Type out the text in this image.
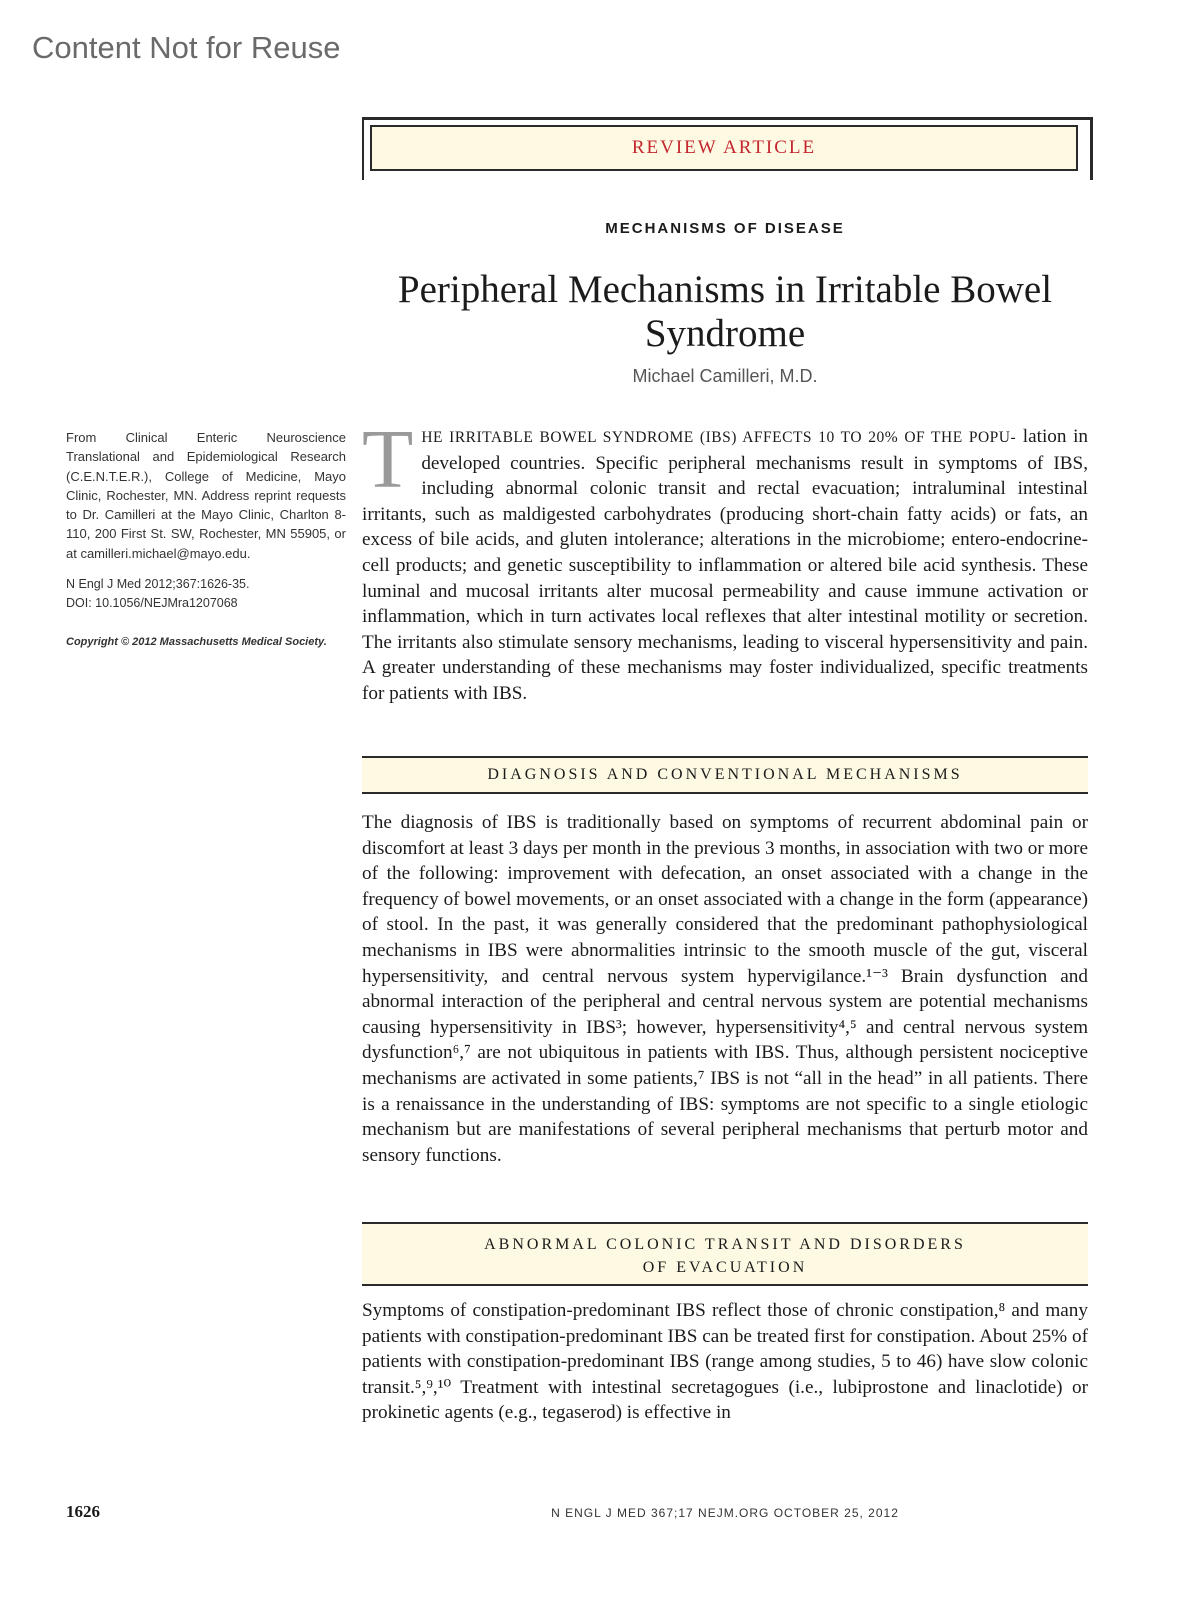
Content Not for Reuse
REVIEW ARTICLE
MECHANISMS OF DISEASE
Peripheral Mechanisms in Irritable Bowel Syndrome
Michael Camilleri, M.D.

From Clinical Enteric Neuroscience Translational and Epidemiological Research (C.E.N.T.E.R.), College of Medicine, Mayo Clinic, Rochester, MN. Address reprint requests to Dr. Camilleri at the Mayo Clinic, Charlton 8-110, 200 First St. SW, Rochester, MN 55905, or at camilleri.michael@mayo.edu.

N Engl J Med 2012;367:1626-35.
DOI: 10.1056/NEJMra1207068

Copyright © 2012 Massachusetts Medical Society.

THE IRRITABLE BOWEL SYNDROME (IBS) AFFECTS 10 TO 20% OF THE POPU- lation in developed countries. Specific peripheral mechanisms result in symptoms of IBS, including abnormal colonic transit and rectal evacuation; intraluminal intestinal irritants, such as maldigested carbohydrates (producing short-chain fatty acids) or fats, an excess of bile acids, and gluten intolerance; alterations in the microbiome; entero-endocrine-cell products; and genetic susceptibility to inflammation or altered bile acid synthesis. These luminal and mucosal irritants alter mucosal permeability and cause immune activation or inflammation, which in turn activates local reflexes that alter intestinal motility or secretion. The irritants also stimulate sensory mechanisms, leading to visceral hypersensitivity and pain. A greater understanding of these mechanisms may foster individualized, specific treatments for patients with IBS.

DIAGNOSIS AND CONVENTIONAL MECHANISMS

The diagnosis of IBS is traditionally based on symptoms of recurrent abdominal pain or discomfort at least 3 days per month in the previous 3 months, in association with two or more of the following: improvement with defecation, an onset associated with a change in the frequency of bowel movements, or an onset associated with a change in the form (appearance) of stool. In the past, it was generally considered that the predominant pathophysiological mechanisms in IBS were abnormalities intrinsic to the smooth muscle of the gut, visceral hypersensitivity, and central nervous system hypervigilance.¹⁻³ Brain dysfunction and abnormal interaction of the peripheral and central nervous system are potential mechanisms causing hypersensitivity in IBS³; however, hypersensitivity⁴,⁵ and central nervous system dysfunction⁶,⁷ are not ubiquitous in patients with IBS. Thus, although persistent nociceptive mechanisms are activated in some patients,⁷ IBS is not “all in the head” in all patients. There is a renaissance in the understanding of IBS: symptoms are not specific to a single etiologic mechanism but are manifestations of several peripheral mechanisms that perturb motor and sensory functions.

ABNORMAL COLONIC TRANSIT AND DISORDERS
OF EVACUATION

Symptoms of constipation-predominant IBS reflect those of chronic constipation,⁸ and many patients with constipation-predominant IBS can be treated first for constipation. About 25% of patients with constipation-predominant IBS (range among studies, 5 to 46) have slow colonic transit.⁵,⁹,¹⁰ Treatment with intestinal secretagogues (i.e., lubiprostone and linaclotide) or prokinetic agents (e.g., tegaserod) is effective in

1626	N ENGL J MED 367;17 NEJM.ORG OCTOBER 25, 2012
